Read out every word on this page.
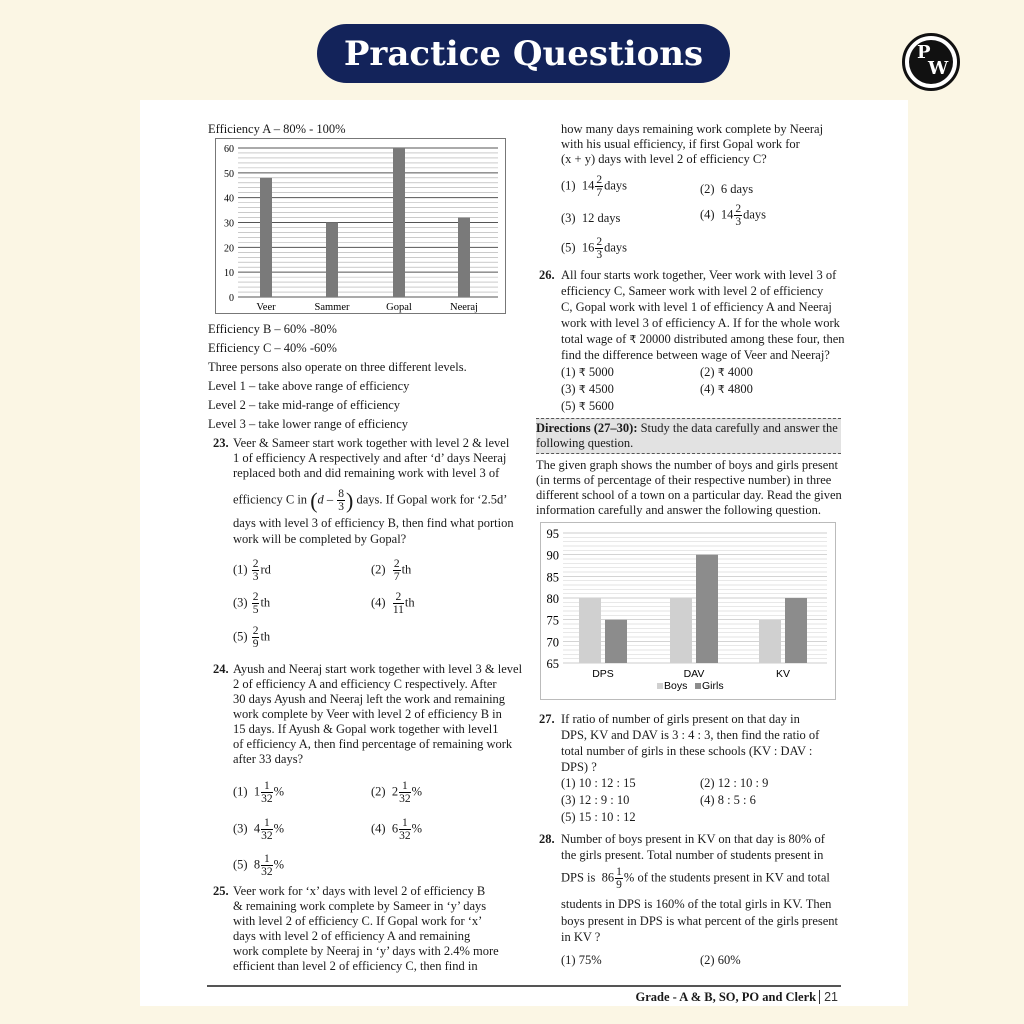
Practice Questions	P
W
Efficiency A – 80% - 100%
0
10
20
30
40
50
60
Veer	Sammer	Gopal	Neeraj
Efficiency B – 60% -80%
Efficiency C – 40% -60%
Three persons also operate on three different levels.
Level 1 – take above range of efficiency
Level 2 – take mid-range of efficiency
Level 3 – take lower range of efficiency
23. Veer & Sameer start work together with level 2 & level
1 of efficiency A respectively and after ‘d’ days Neeraj
replaced both and did remaining work with level 3 of
efficiency C in ($d - \frac{8}{3}$ ) days. If Gopal work for ‘2.5d’
days with level 3 of efficiency B, then find what portion
work will be completed by Gopal?
$(1) \frac{2}{3}$ rd	$(2) \frac{2}{7}$ th
$(3) \frac{2}{5}$ th	$(4) \frac{2}{11}$ th
$(5) \frac{2}{9}$ th
24. Ayush and Neeraj start work together with level 3 & level
2 of efficiency A and efficiency C respectively. After
30 days Ayush and Neeraj left the work and remaining
work complete by Veer with level 2 of efficiency B in
15 days. If Ayush & Gopal work together with level1
of efficiency A, then find percentage of remaining work
after 33 days?
(1) $1 \frac{1}{32}$ %	(2) $2 \frac{1}{32}$ %
(3) $4 \frac{1}{32}$ %	(4) $6 \frac{1}{32}$ %
(5) $8 \frac{1}{32}$ %
25. Veer work for ‘x’ days with level 2 of efficiency B
& remaining work complete by Sameer in ‘y’ days
with level 2 of efficiency C. If Gopal work for ‘x’
days with level 2 of efficiency A and remaining
work complete by Neeraj in ‘y’ days with 2.4% more
efficient than level 2 of efficiency C, then find in
how many days remaining work complete by Neeraj
with his usual efficiency, if first Gopal work for
(x + y) days with level 2 of efficiency C?
(1) $14 \frac{2}{7}$ days	(2) 6 days
(3) 12 days	(4) $14 \frac{2}{3}$ days
(5) $16 \frac{2}{3}$ days
26. All four starts work together, Veer work with level 3 of
efficiency C, Sameer work with level 2 of efficiency
C, Gopal work with level 1 of efficiency A and Neeraj
work with level 3 of efficiency A. If for the whole work
total wage of ₹ 20000 distributed among these four, then
find the difference between wage of Veer and Neeraj?
(1) ₹ 5000	(2) ₹ 4000
(3) ₹ 4500	(4) ₹ 4800
(5) ₹ 5600
Directions (27–30): Study the data carefully and answer the
following question.
The given graph shows the number of boys and girls present
(in terms of percentage of their respective number) in three
different school of a town on a particular day. Read the given
information carefully and answer the following question.
65
70
75
80
85
90
95
DPS	DAV	KV
Boys Girls
27. If ratio of number of girls present on that day in
DPS, KV and DAV is 3 : 4 : 3, then find the ratio of
total number of girls in these schools (KV : DAV :
DPS) ?
(1) 10 : 12 : 15	(2) 12 : 10 : 9
(3) 12 : 9 : 10	(4) 8 : 5 : 6
(5) 15 : 10 : 12
28. Number of boys present in KV on that day is 80% of
the girls present. Total number of students present in
DPS is $86 \frac{1}{9}$ % of the students present in KV and total
students in DPS is 160% of the total girls in KV. Then
boys present in DPS is what percent of the girls present
in KV ?
(1) 75%	(2) 60%
Grade - A & B, SO, PO and Clerk 21
